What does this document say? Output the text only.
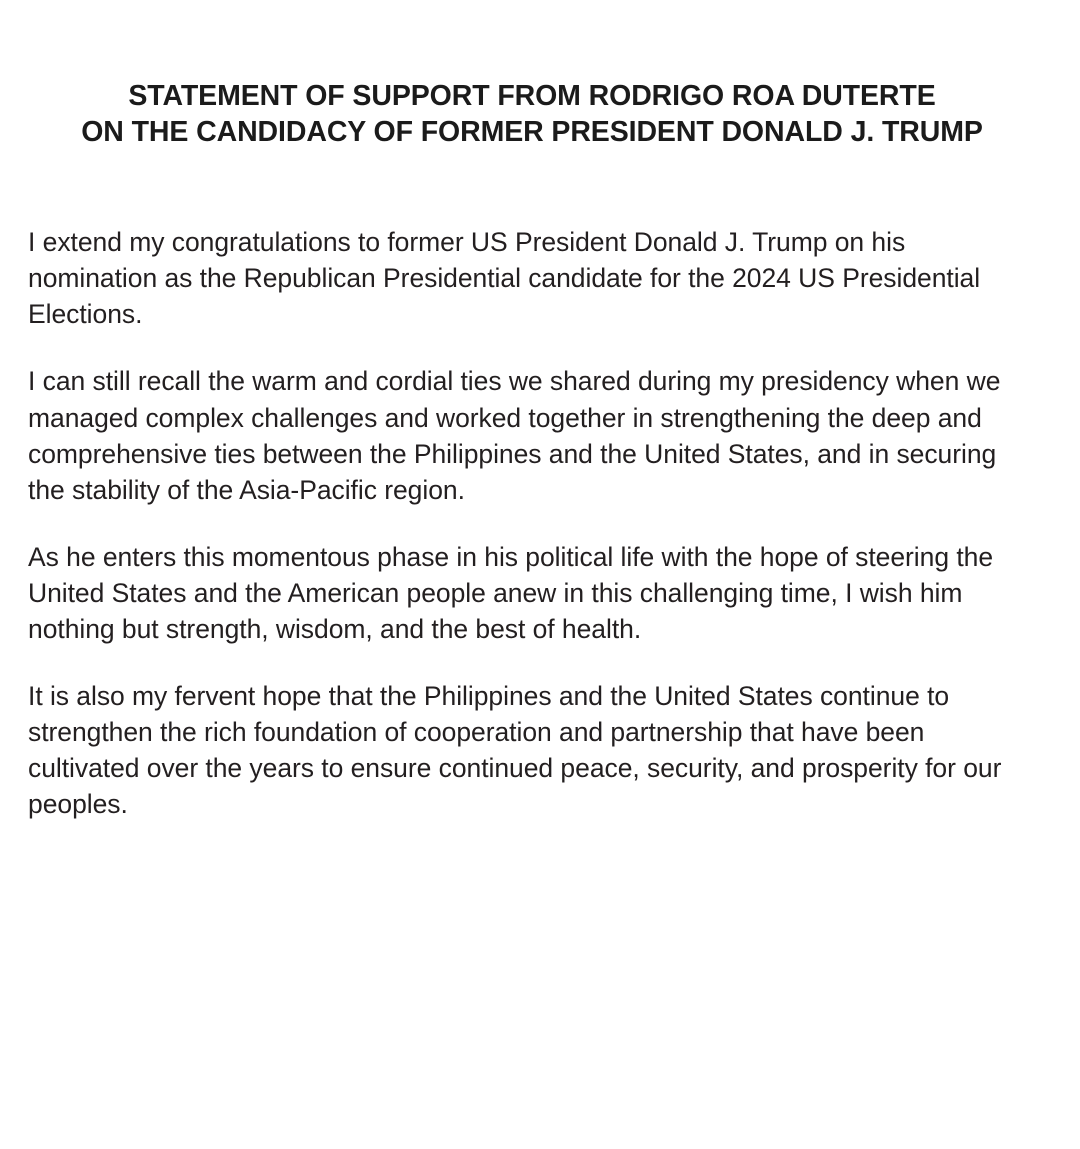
STATEMENT OF SUPPORT FROM RODRIGO ROA DUTERTE
ON THE CANDIDACY OF FORMER PRESIDENT DONALD J. TRUMP

I extend my congratulations to former US President Donald J. Trump on his nomination as the Republican Presidential candidate for the 2024 US Presidential Elections.

I can still recall the warm and cordial ties we shared during my presidency when we managed complex challenges and worked together in strengthening the deep and comprehensive ties between the Philippines and the United States, and in securing the stability of the Asia-Pacific region.

As he enters this momentous phase in his political life with the hope of steering the United States and the American people anew in this challenging time, I wish him nothing but strength, wisdom, and the best of health.

It is also my fervent hope that the Philippines and the United States continue to strengthen the rich foundation of cooperation and partnership that have been cultivated over the years to ensure continued peace, security, and prosperity for our peoples.
